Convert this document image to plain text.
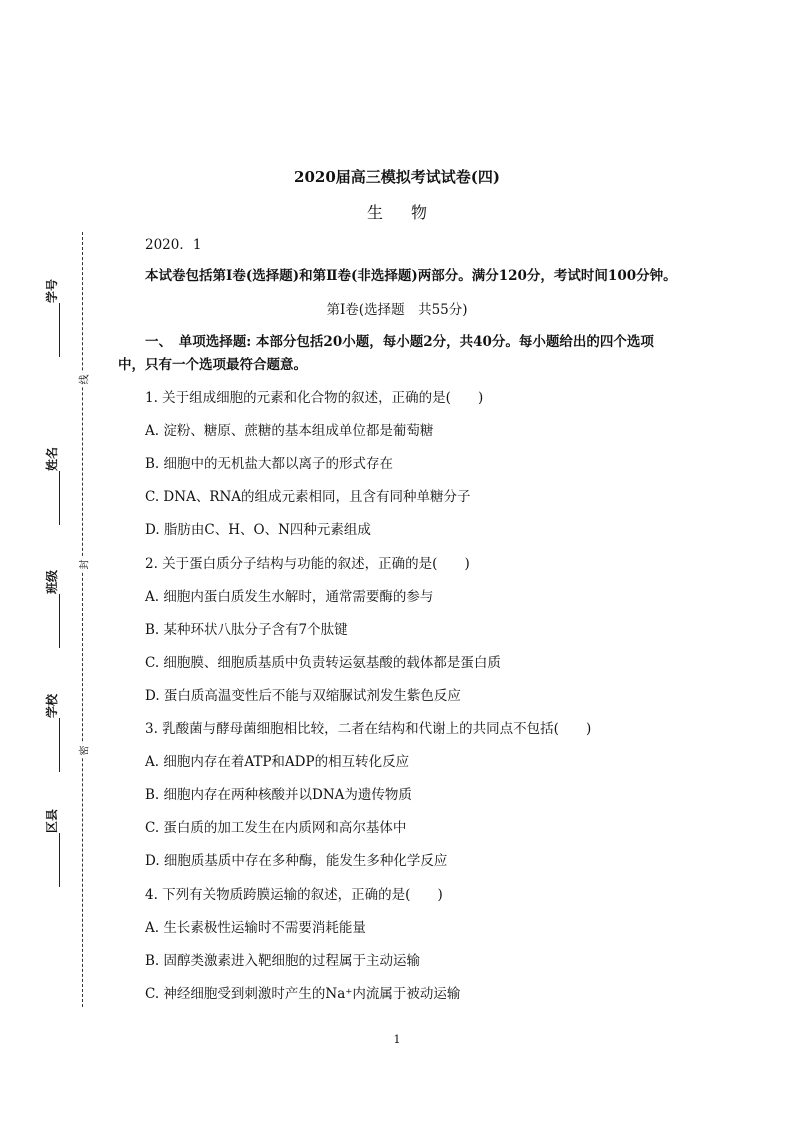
线
封
密
学号
姓名
班级
学校
区县
2020届高三模拟考试试卷(四)
生物
2020．1
本试卷包括第Ⅰ卷(选择题)和第Ⅱ卷(非选择题)两部分。满分120分，考试时间100分钟。
第Ⅰ卷(选择题　共55分)
一、　单项选择题: 本部分包括20小题，每小题2分，共40分。每小题给出的四个选项
中，只有一个选项最符合题意。
1. 关于组成细胞的元素和化合物的叙述，正确的是(　　)
A. 淀粉、糖原、蔗糖的基本组成单位都是葡萄糖
B. 细胞中的无机盐大都以离子的形式存在
C. DNA、RNA的组成元素相同，且含有同种单糖分子
D. 脂肪由C、H、O、N四种元素组成
2. 关于蛋白质分子结构与功能的叙述，正确的是(　　)
A. 细胞内蛋白质发生水解时，通常需要酶的参与
B. 某种环状八肽分子含有7个肽键
C. 细胞膜、细胞质基质中负责转运氨基酸的载体都是蛋白质
D. 蛋白质高温变性后不能与双缩脲试剂发生紫色反应
3. 乳酸菌与酵母菌细胞相比较，二者在结构和代谢上的共同点不包括(　　)
A. 细胞内存在着ATP和ADP的相互转化反应
B. 细胞内存在两种核酸并以DNA为遗传物质
C. 蛋白质的加工发生在内质网和高尔基体中
D. 细胞质基质中存在多种酶，能发生多种化学反应
4. 下列有关物质跨膜运输的叙述，正确的是(　　)
A. 生长素极性运输时不需要消耗能量
B. 固醇类激素进入靶细胞的过程属于主动运输
C. 神经细胞受到刺激时产生的Na⁺内流属于被动运输
1
